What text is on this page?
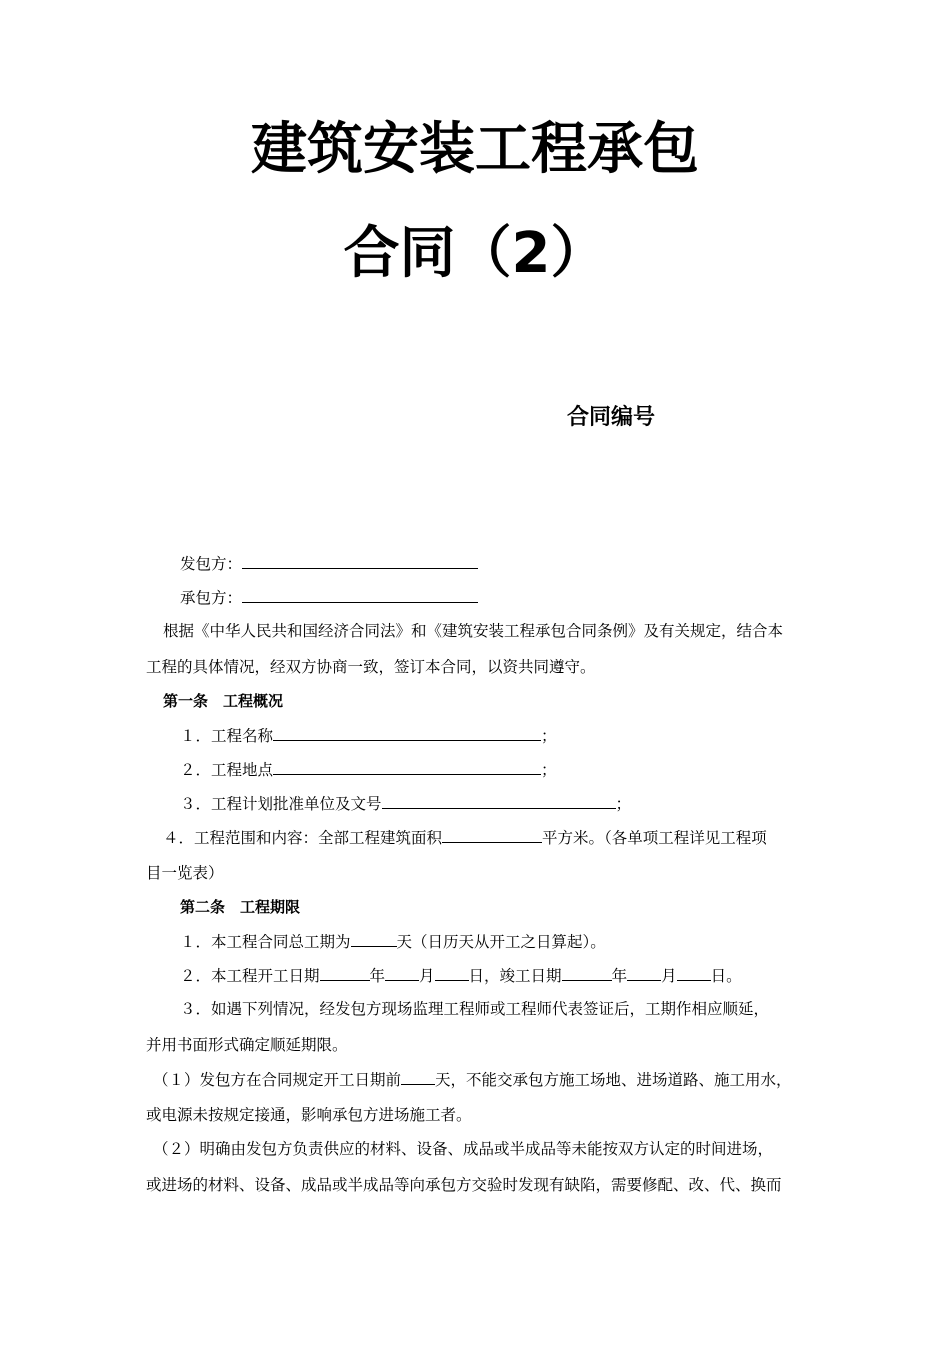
建筑安装工程承包
合同（2）
合同编号
发包方：
承包方：
根据《中华人民共和国经济合同法》和《建筑安装工程承包合同条例》及有关规定，结合本
工程的具体情况，经双方协商一致，签订本合同，以资共同遵守。
第一条　工程概况
１．工程名称	；
２．工程地点	；
３．工程计划批准单位及文号	；
４．工程范围和内容：全部工程建筑面积	平方米。（各单项工程详见工程项
目一览表）
第二条　工程期限
１．本工程合同总工期为	天（日历天从开工之日算起）。
２．本工程开工日期	年 月 日，竣工日期	年 月 日。
３．如遇下列情况，经发包方现场监理工程师或工程师代表签证后，工期作相应顺延，
并用书面形式确定顺延期限。
（１）发包方在合同规定开工日期前 天，不能交承包方施工场地、进场道路、施工用水，
或电源未按规定接通，影响承包方进场施工者。
（２）明确由发包方负责供应的材料、设备、成品或半成品等未能按双方认定的时间进场，
或进场的材料、设备、成品或半成品等向承包方交验时发现有缺陷，需要修配、改、代、换而
